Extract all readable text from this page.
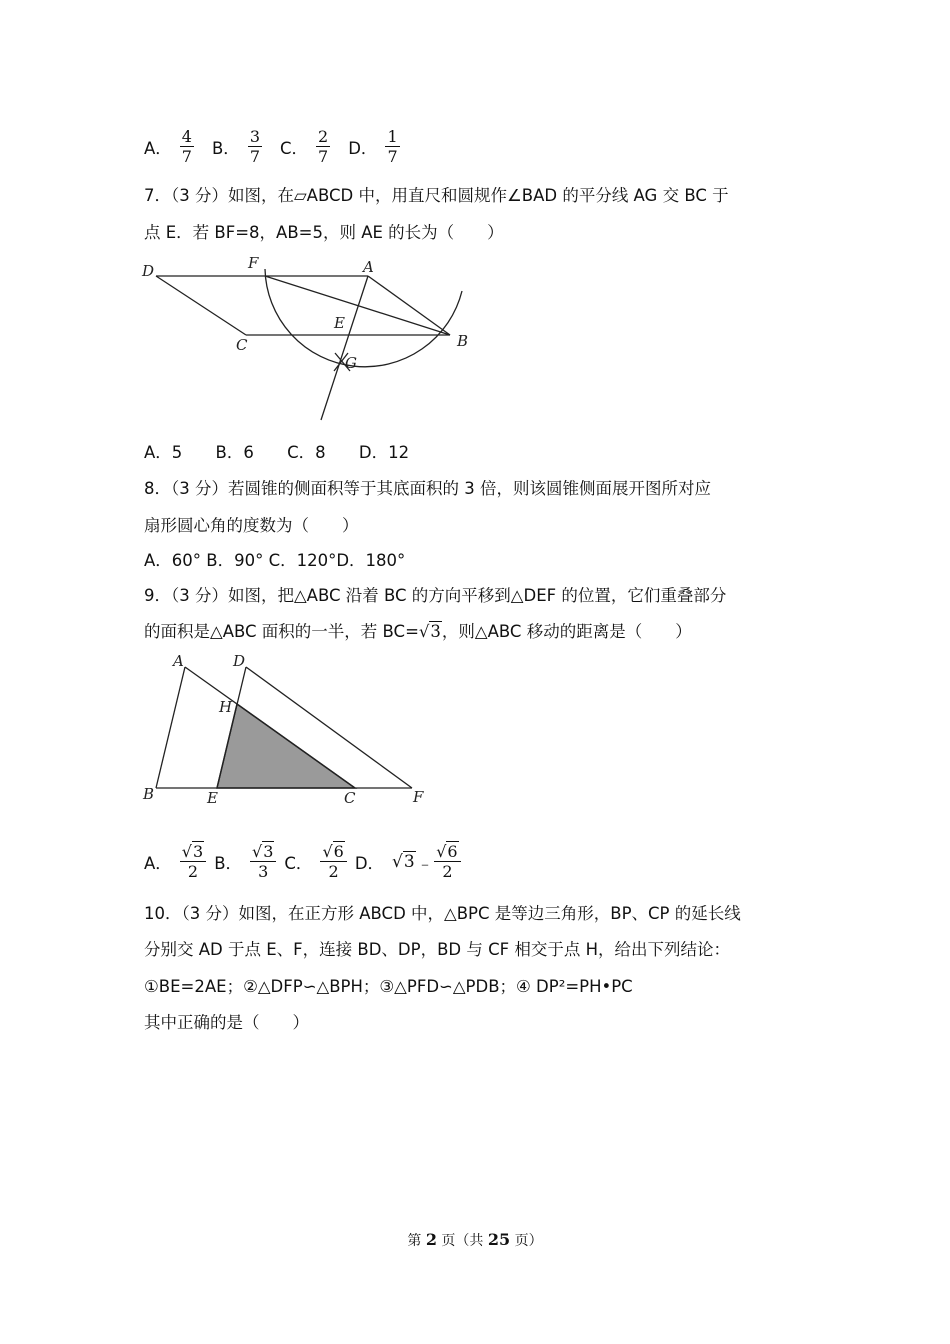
A． $\frac{4}{7}$ B． $\frac{3}{7}$ C． $\frac{2}{7}$ D． $\frac{1}{7}$
7．（3 分）如图，在▱ABCD 中，用直尺和圆规作∠BAD 的平分线 AG 交 BC 于
点 E．若 BF=8，AB=5，则 AE 的长为（　　）
D	F	A
E
C	B
G
A．5 B．6 C．8 D．12
8．（3 分）若圆锥的侧面积等于其底面积的 3 倍，则该圆锥侧面展开图所对应
扇形圆心角的度数为（　　）
A．60° B．90° C．120°D．180°
9．（3 分）如图，把△ABC 沿着 BC 的方向平移到△DEF 的位置，它们重叠部分
的面积是△ABC 面积的一半，若 BC=√3，则△ABC 移动的距离是（　　）
A	D
H
B	E	C	F
A． $\frac{√3}{2}$ B． $\frac{√3}{3}$ C． $\frac{√6}{2}$ D． √3 ﹣ $\frac{√6}{2}$
10．（3 分）如图，在正方形 ABCD 中，△BPC 是等边三角形，BP、CP 的延长线
分别交 AD 于点 E、F，连接 BD、DP，BD 与 CF 相交于点 H，给出下列结论：
①BE=2AE；②△DFP∽△BPH；③△PFD∽△PDB；④ DP²=PH•PC
其中正确的是（　　）
第 2 页（共 25 页）
